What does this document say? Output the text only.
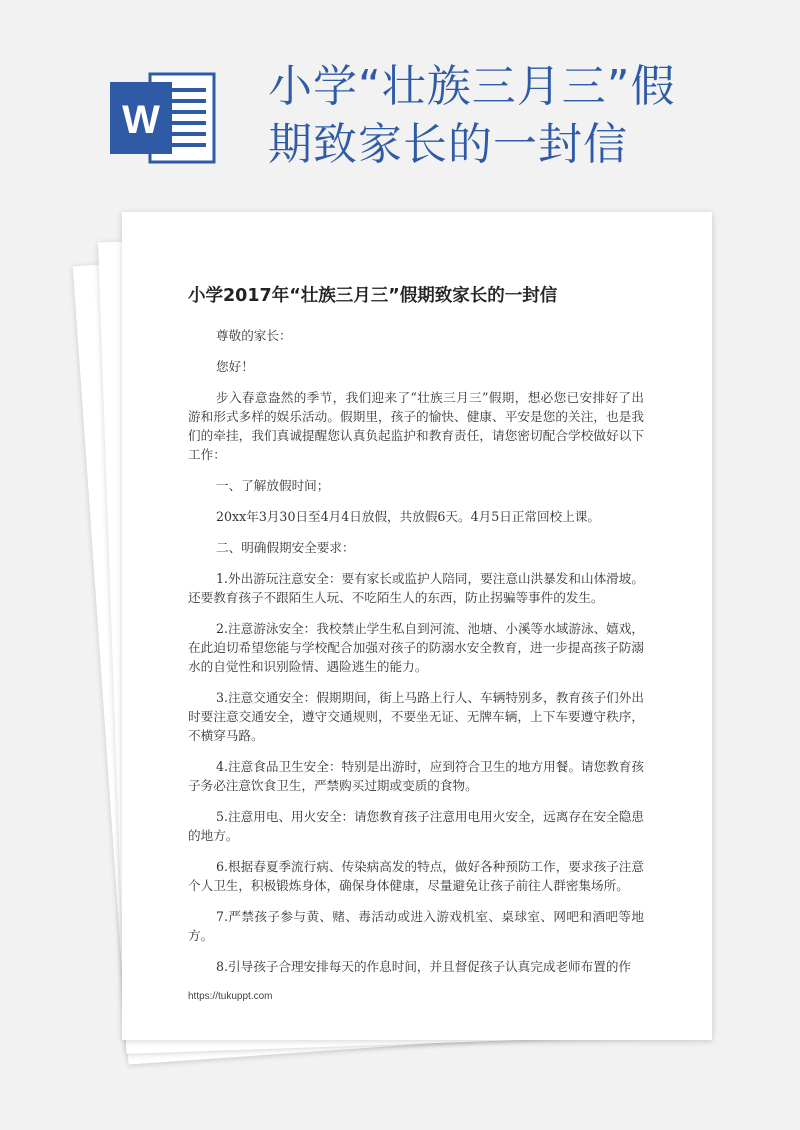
W
小学“壮族三月三”假期致家长的一封信
小学2017年“壮族三月三”假期致家长的一封信

尊敬的家长：

您好！

步入春意盎然的季节，我们迎来了“壮族三月三”假期，想必您已安排好了出游和形式多样的娱乐活动。假期里，孩子的愉快、健康、平安是您的关注，也是我们的牵挂，我们真诚提醒您认真负起监护和教育责任，请您密切配合学校做好以下工作：

一、了解放假时间；

20xx年3月30日至4月4日放假，共放假6天。4月5日正常回校上课。

二、明确假期安全要求：

1.外出游玩注意安全：要有家长或监护人陪同，要注意山洪暴发和山体滑坡。还要教育孩子不跟陌生人玩、不吃陌生人的东西，防止拐骗等事件的发生。

2.注意游泳安全：我校禁止学生私自到河流、池塘、小溪等水域游泳、嬉戏，在此迫切希望您能与学校配合加强对孩子的防溺水安全教育，进一步提高孩子防溺水的自觉性和识别险情、遇险逃生的能力。

3.注意交通安全：假期期间，街上马路上行人、车辆特别多，教育孩子们外出时要注意交通安全，遵守交通规则，不要坐无证、无牌车辆，上下车要遵守秩序，不横穿马路。

4.注意食品卫生安全：特别是出游时，应到符合卫生的地方用餐。请您教育孩子务必注意饮食卫生，严禁购买过期或变质的食物。

5.注意用电、用火安全：请您教育孩子注意用电用火安全，远离存在安全隐患的地方。

6.根据春夏季流行病、传染病高发的特点，做好各种预防工作，要求孩子注意个人卫生，积极锻炼身体，确保身体健康，尽量避免让孩子前往人群密集场所。

7.严禁孩子参与黄、赌、毒活动或进入游戏机室、桌球室、网吧和酒吧等地方。

8.引导孩子合理安排每天的作息时间，并且督促孩子认真完成老师布置的作

https://tukuppt.com
